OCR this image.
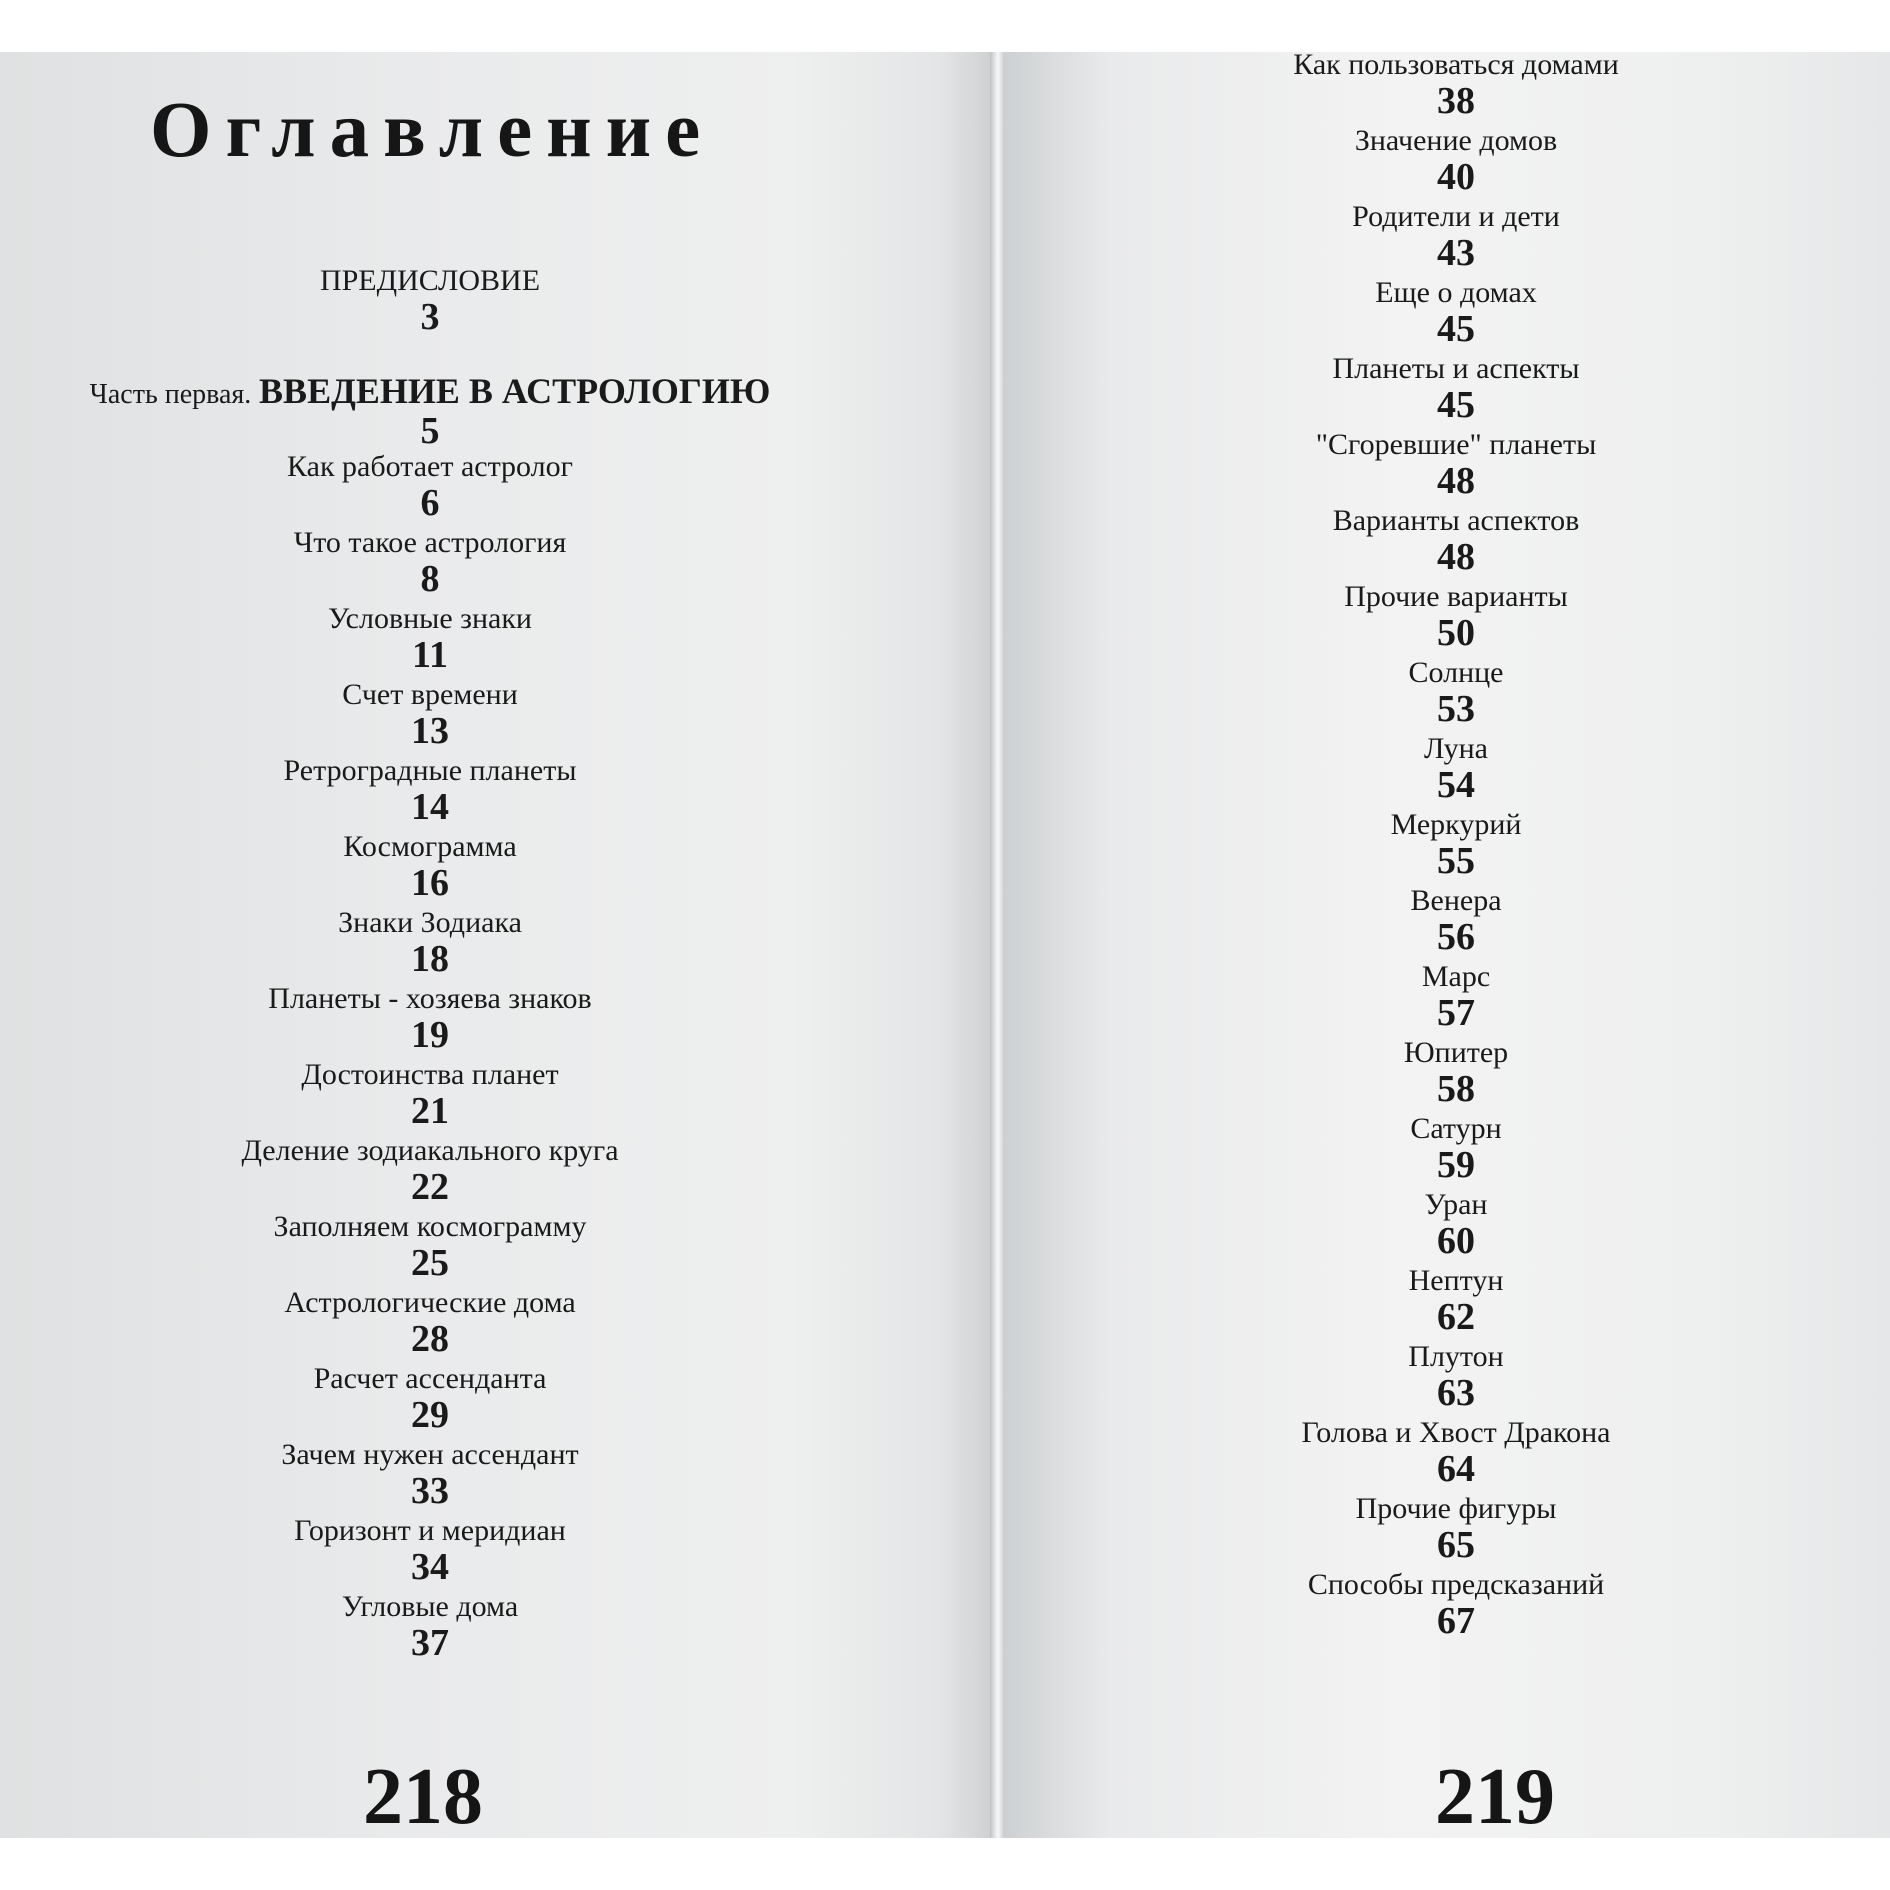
Оглавление
ПРЕДИСЛОВИЕ
3
Часть первая. ВВЕДЕНИЕ В АСТРОЛОГИЮ
5
Как работает астролог
6
Что такое астрология
8
Условные знаки
11
Счет времени
13
Ретроградные планеты
14
Космограмма
16
Знаки Зодиака
18
Планеты - хозяева знаков
19
Достоинства планет
21
Деление зодиакального круга
22
Заполняем космограмму
25
Астрологические дома
28
Расчет ассенданта
29
Зачем нужен ассендант
33
Горизонт и меридиан
34
Угловые дома
37
218
Как пользоваться домами
38
Значение домов
40
Родители и дети
43
Еще о домах
45
Планеты и аспекты
45
"Сгоревшие" планеты
48
Варианты аспектов
48
Прочие варианты
50
Солнце
53
Луна
54
Меркурий
55
Венера
56
Марс
57
Юпитер
58
Сатурн
59
Уран
60
Нептун
62
Плутон
63
Голова и Хвост Дракона
64
Прочие фигуры
65
Способы предсказаний
67
219
